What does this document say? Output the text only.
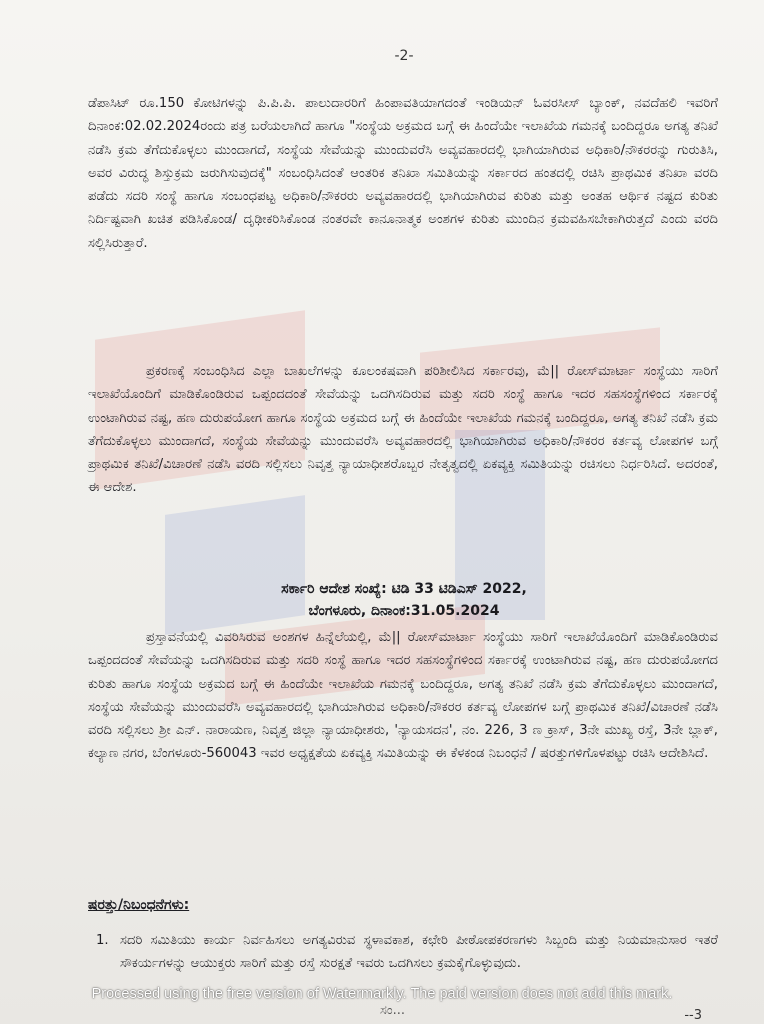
-2-

ಡೆಪಾಸಿಟ್ ರೂ.150 ಕೋಟಿಗಳನ್ನು ಪಿ.ಪಿ.ಪಿ. ಪಾಲುದಾರರಿಗೆ ಹಿಂಪಾವತಿಯಾಗದಂತೆ ಇಂಡಿಯನ್ ಓವರಸೀಸ್ ಬ್ಯಾಂಕ್, ನವದೆಹಲಿ ಇವರಿಗೆ ದಿನಾಂಕ:02.02.2024ರಂದು ಪತ್ರ ಬರೆಯಲಾಗಿದೆ ಹಾಗೂ "ಸಂಸ್ಥೆಯ ಅಕ್ರಮದ ಬಗ್ಗೆ ಈ ಹಿಂದೆಯೇ ಇಲಾಖೆಯ ಗಮನಕ್ಕೆ ಬಂದಿದ್ದರೂ ಅಗತ್ಯ ತನಿಖೆ ನಡೆಸಿ ಕ್ರಮ ತೆಗೆದುಕೊಳ್ಳಲು ಮುಂದಾಗದೆ, ಸಂಸ್ಥೆಯ ಸೇವೆಯನ್ನು ಮುಂದುವರೆಸಿ ಅವ್ಯವಹಾರದಲ್ಲಿ ಭಾಗಿಯಾಗಿರುವ ಅಧಿಕಾರಿ/ನೌಕರರನ್ನು ಗುರುತಿಸಿ, ಅವರ ವಿರುದ್ಧ ಶಿಸ್ತುಕ್ರಮ ಜರುಗಿಸುವುದಕ್ಕೆ" ಸಂಬಂಧಿಸಿದಂತೆ ಆಂತರಿಕ ತನಿಖಾ ಸಮಿತಿಯನ್ನು ಸರ್ಕಾರದ ಹಂತದಲ್ಲಿ ರಚಿಸಿ ಪ್ರಾಥಮಿಕ ತನಿಖಾ ವರದಿ ಪಡೆದು ಸದರಿ ಸಂಸ್ಥೆ ಹಾಗೂ ಸಂಬಂಧಪಟ್ಟ ಅಧಿಕಾರಿ/ನೌಕರರು ಅವ್ಯವಹಾರದಲ್ಲಿ ಭಾಗಿಯಾಗಿರುವ ಕುರಿತು ಮತ್ತು ಅಂತಹ ಆರ್ಥಿಕ ನಷ್ಟದ ಕುರಿತು ನಿರ್ದಿಷ್ಟವಾಗಿ ಖಚಿತ ಪಡಿಸಿಕೊಂಡ/ ದೃಢೀಕರಿಸಿಕೊಂಡ ನಂತರವೇ ಕಾನೂನಾತ್ಮಕ ಅಂಶಗಳ ಕುರಿತು ಮುಂದಿನ ಕ್ರಮವಹಿಸಬೇಕಾಗಿರುತ್ತದೆ ಎಂದು ವರದಿ ಸಲ್ಲಿಸಿರುತ್ತಾರೆ.

ಪ್ರಕರಣಕ್ಕೆ ಸಂಬಂಧಿಸಿದ ಎಲ್ಲಾ ಬಾಖಲೆಗಳನ್ನು ಕೂಲಂಕಷವಾಗಿ ಪರಿಶೀಲಿಸಿದ ಸರ್ಕಾರವು, ಮೆ|| ರೋಸ್‌ಮಾರ್ಟಾ ಸಂಸ್ಥೆಯು ಸಾರಿಗೆ ಇಲಾಖೆಯೊಂದಿಗೆ ಮಾಡಿಕೊಂಡಿರುವ ಒಪ್ಪಂದದಂತೆ ಸೇವೆಯನ್ನು ಒದಗಿಸದಿರುವ ಮತ್ತು ಸದರಿ ಸಂಸ್ಥೆ ಹಾಗೂ ಇದರ ಸಹಸಂಸ್ಥೆಗಳಿಂದ ಸರ್ಕಾರಕ್ಕೆ ಉಂಟಾಗಿರುವ ನಷ್ಟ, ಹಣ ದುರುಪಯೋಗ ಹಾಗೂ ಸಂಸ್ಥೆಯ ಅಕ್ರಮದ ಬಗ್ಗೆ ಈ ಹಿಂದೆಯೇ ಇಲಾಖೆಯ ಗಮನಕ್ಕೆ ಬಂದಿದ್ದರೂ, ಅಗತ್ಯ ತನಿಖೆ ನಡೆಸಿ ಕ್ರಮ ತೆಗೆದುಕೊಳ್ಳಲು ಮುಂದಾಗದೆ, ಸಂಸ್ಥೆಯ ಸೇವೆಯನ್ನು ಮುಂದುವರೆಸಿ ಅವ್ಯವಹಾರದಲ್ಲಿ ಭಾಗಿಯಾಗಿರುವ ಅಧಿಕಾರಿ/ನೌಕರರ ಕರ್ತವ್ಯ ಲೋಪಗಳ ಬಗ್ಗೆ ಪ್ರಾಥಮಿಕ ತನಿಖೆ/ವಿಚಾರಣೆ ನಡೆಸಿ ವರದಿ ಸಲ್ಲಿಸಲು ನಿವೃತ್ತ ನ್ಯಾಯಾಧೀಶರೊಬ್ಬರ ನೇತೃತ್ವದಲ್ಲಿ ಏಕವ್ಯಕ್ತಿ ಸಮಿತಿಯನ್ನು ರಚಿಸಲು ನಿರ್ಧರಿಸಿದೆ. ಅದರಂತೆ, ಈ ಆದೇಶ.

ಸರ್ಕಾರಿ ಆದೇಶ ಸಂಖ್ಯೆ: ಟಿಡಿ 33 ಟಿಡಿಎಸ್ 2022,
ಬೆಂಗಳೂರು, ದಿನಾಂಕ:31.05.2024

ಪ್ರಸ್ತಾವನೆಯಲ್ಲಿ ವಿವರಿಸಿರುವ ಅಂಶಗಳ ಹಿನ್ನೆಲೆಯಲ್ಲಿ, ಮೆ|| ರೋಸ್‌ಮಾರ್ಟಾ ಸಂಸ್ಥೆಯು ಸಾರಿಗೆ ಇಲಾಖೆಯೊಂದಿಗೆ ಮಾಡಿಕೊಂಡಿರುವ ಒಪ್ಪಂದದಂತೆ ಸೇವೆಯನ್ನು ಒದಗಿಸದಿರುವ ಮತ್ತು ಸದರಿ ಸಂಸ್ಥೆ ಹಾಗೂ ಇದರ ಸಹಸಂಸ್ಥೆಗಳಿಂದ ಸರ್ಕಾರಕ್ಕೆ ಉಂಟಾಗಿರುವ ನಷ್ಟ, ಹಣ ದುರುಪಯೋಗದ ಕುರಿತು ಹಾಗೂ ಸಂಸ್ಥೆಯ ಅಕ್ರಮದ ಬಗ್ಗೆ ಈ ಹಿಂದೆಯೇ ಇಲಾಖೆಯ ಗಮನಕ್ಕೆ ಬಂದಿದ್ದರೂ, ಅಗತ್ಯ ತನಿಖೆ ನಡೆಸಿ ಕ್ರಮ ತೆಗೆದುಕೊಳ್ಳಲು ಮುಂದಾಗದೆ, ಸಂಸ್ಥೆಯ ಸೇವೆಯನ್ನು ಮುಂದುವರೆಸಿ ಅವ್ಯವಹಾರದಲ್ಲಿ ಭಾಗಿಯಾಗಿರುವ ಅಧಿಕಾರಿ/ನೌಕರರ ಕರ್ತವ್ಯ ಲೋಪಗಳ ಬಗ್ಗೆ ಪ್ರಾಥಮಿಕ ತನಿಖೆ/ವಿಚಾರಣೆ ನಡೆಸಿ ವರದಿ ಸಲ್ಲಿಸಲು ಶ್ರೀ ಎನ್. ನಾರಾಯಣ, ನಿವೃತ್ತ ಜಿಲ್ಲಾ ನ್ಯಾಯಾಧೀಶರು, 'ನ್ಯಾಯಸದನ', ನಂ. 226, 3 ಣ ಕ್ರಾಸ್, 3ನೇ ಮುಖ್ಯ ರಸ್ತೆ, 3ನೇ ಬ್ಲಾಕ್, ಕಲ್ಯಾಣ ನಗರ, ಬೆಂಗಳೂರು-560043 ಇವರ ಅಧ್ಯಕ್ಷತೆಯ ಏಕವ್ಯಕ್ತಿ ಸಮಿತಿಯನ್ನು ಈ ಕೆಳಕಂಡ ನಿಬಂಧನೆ / ಷರತ್ತುಗಳಿಗೊಳಪಟ್ಟು ರಚಿಸಿ ಆದೇಶಿಸಿದೆ.

ಷರತ್ತು/ನಿಬಂಧನೆಗಳು:
1. ಸದರಿ ಸಮಿತಿಯು ಕಾರ್ಯ ನಿರ್ವಹಿಸಲು ಅಗತ್ಯವಿರುವ ಸ್ಥಳಾವಕಾಶ, ಕಛೇರಿ ಪೀಠೋಪಕರಣಗಳು ಸಿಬ್ಬಂದಿ ಮತ್ತು ನಿಯಮಾನುಸಾರ ಇತರೆ ಸೌಕರ್ಯಗಳನ್ನು ಆಯುಕ್ತರು ಸಾರಿಗೆ ಮತ್ತು ರಸ್ತೆ ಸುರಕ್ಷತೆ ಇವರು ಒದಗಿಸಲು ಕ್ರಮಕೈಗೊಳ್ಳುವುದು.
ಸಂ...
Processed using the free version of Watermarkly. The paid version does not add this mark.
--3
